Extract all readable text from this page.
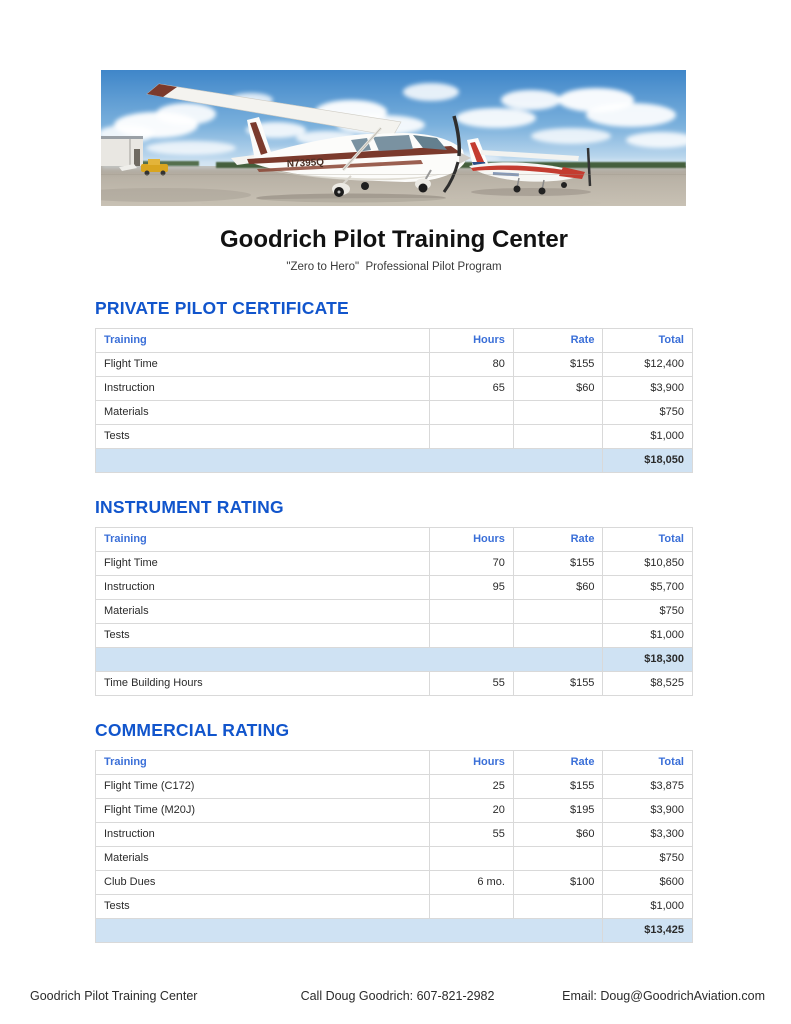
N7395Q
Goodrich Pilot Training Center

"Zero to Hero"  Professional Pilot Program

PRIVATE PILOT CERTIFICATE
Training	Hours	Rate	Total
Flight Time	80	$155	$12,400
Instruction	65	$60	$3,900
Materials			$750
Tests			$1,000
			$18,050
INSTRUMENT RATING
Training	Hours	Rate	Total
Flight Time	70	$155	$10,850
Instruction	95	$60	$5,700
Materials			$750
Tests			$1,000
			$18,300
Time Building Hours	55	$155	$8,525
COMMERCIAL RATING
Training	Hours	Rate	Total
Flight Time (C172)	25	$155	$3,875
Flight Time (M20J)	20	$195	$3,900
Instruction	55	$60	$3,300
Materials			$750
Club Dues	6 mo.	$100	$600
Tests			$1,000
			$13,425
Goodrich Pilot Training Center	Call Doug Goodrich: 607-821-2982	Email: Doug@GoodrichAviation.com
